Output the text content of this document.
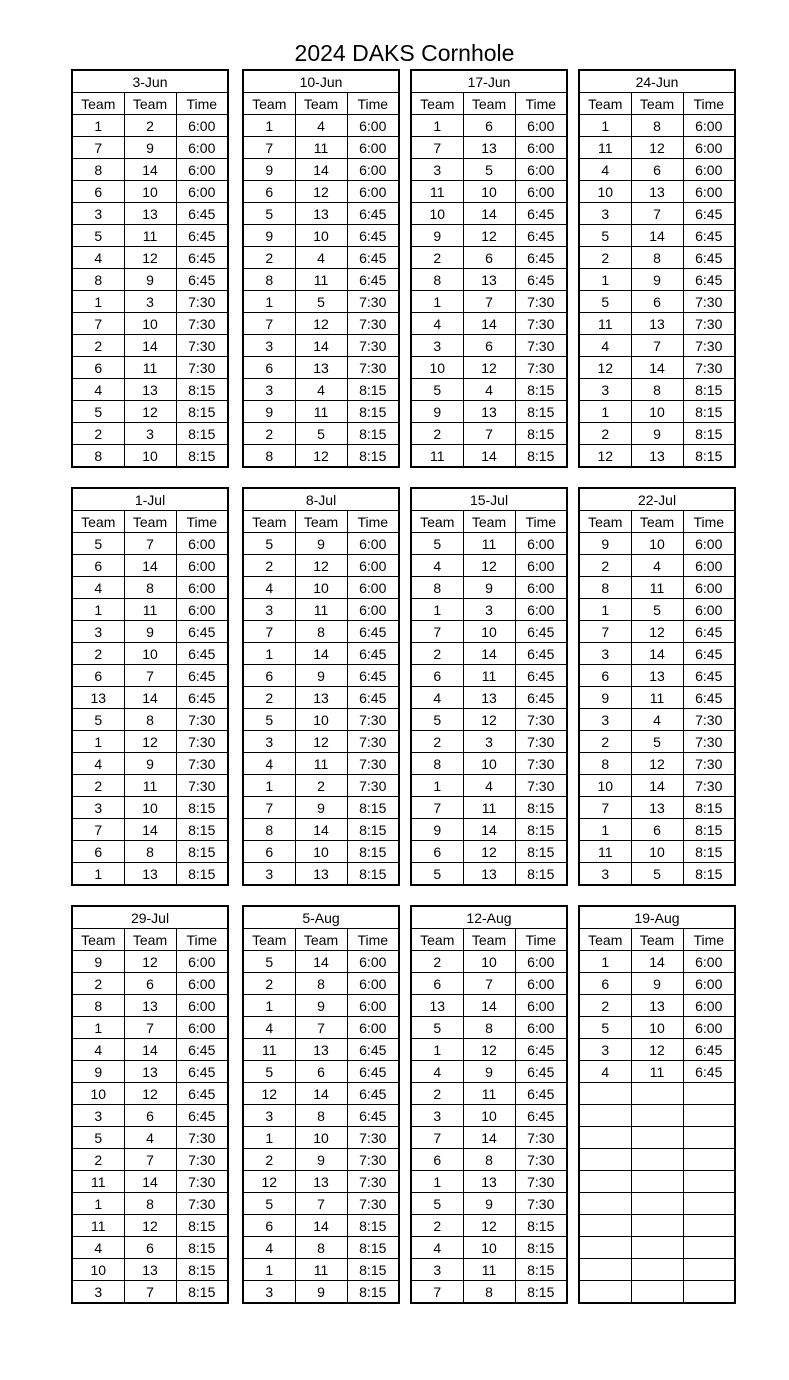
2024 DAKS Cornhole
3-Jun		
Team	Team	Time
1	2	6:00
7	9	6:00
8	14	6:00
6	10	6:00
3	13	6:45
5	11	6:45
4	12	6:45
8	9	6:45
1	3	7:30
7	10	7:30
2	14	7:30
6	11	7:30
4	13	8:15
5	12	8:15
2	3	8:15
8	10	8:15
10-Jun		
Team	Team	Time
1	4	6:00
7	11	6:00
9	14	6:00
6	12	6:00
5	13	6:45
9	10	6:45
2	4	6:45
8	11	6:45
1	5	7:30
7	12	7:30
3	14	7:30
6	13	7:30
3	4	8:15
9	11	8:15
2	5	8:15
8	12	8:15
17-Jun		
Team	Team	Time
1	6	6:00
7	13	6:00
3	5	6:00
11	10	6:00
10	14	6:45
9	12	6:45
2	6	6:45
8	13	6:45
1	7	7:30
4	14	7:30
3	6	7:30
10	12	7:30
5	4	8:15
9	13	8:15
2	7	8:15
11	14	8:15
24-Jun		
Team	Team	Time
1	8	6:00
11	12	6:00
4	6	6:00
10	13	6:00
3	7	6:45
5	14	6:45
2	8	6:45
1	9	6:45
5	6	7:30
11	13	7:30
4	7	7:30
12	14	7:30
3	8	8:15
1	10	8:15
2	9	8:15
12	13	8:15
1-Jul		
Team	Team	Time
5	7	6:00
6	14	6:00
4	8	6:00
1	11	6:00
3	9	6:45
2	10	6:45
6	7	6:45
13	14	6:45
5	8	7:30
1	12	7:30
4	9	7:30
2	11	7:30
3	10	8:15
7	14	8:15
6	8	8:15
1	13	8:15
8-Jul		
Team	Team	Time
5	9	6:00
2	12	6:00
4	10	6:00
3	11	6:00
7	8	6:45
1	14	6:45
6	9	6:45
2	13	6:45
5	10	7:30
3	12	7:30
4	11	7:30
1	2	7:30
7	9	8:15
8	14	8:15
6	10	8:15
3	13	8:15
15-Jul		
Team	Team	Time
5	11	6:00
4	12	6:00
8	9	6:00
1	3	6:00
7	10	6:45
2	14	6:45
6	11	6:45
4	13	6:45
5	12	7:30
2	3	7:30
8	10	7:30
1	4	7:30
7	11	8:15
9	14	8:15
6	12	8:15
5	13	8:15
22-Jul		
Team	Team	Time
9	10	6:00
2	4	6:00
8	11	6:00
1	5	6:00
7	12	6:45
3	14	6:45
6	13	6:45
9	11	6:45
3	4	7:30
2	5	7:30
8	12	7:30
10	14	7:30
7	13	8:15
1	6	8:15
11	10	8:15
3	5	8:15
29-Jul		
Team	Team	Time
9	12	6:00
2	6	6:00
8	13	6:00
1	7	6:00
4	14	6:45
9	13	6:45
10	12	6:45
3	6	6:45
5	4	7:30
2	7	7:30
11	14	7:30
1	8	7:30
11	12	8:15
4	6	8:15
10	13	8:15
3	7	8:15
5-Aug		
Team	Team	Time
5	14	6:00
2	8	6:00
1	9	6:00
4	7	6:00
11	13	6:45
5	6	6:45
12	14	6:45
3	8	6:45
1	10	7:30
2	9	7:30
12	13	7:30
5	7	7:30
6	14	8:15
4	8	8:15
1	11	8:15
3	9	8:15
12-Aug		
Team	Team	Time
2	10	6:00
6	7	6:00
13	14	6:00
5	8	6:00
1	12	6:45
4	9	6:45
2	11	6:45
3	10	6:45
7	14	7:30
6	8	7:30
1	13	7:30
5	9	7:30
2	12	8:15
4	10	8:15
3	11	8:15
7	8	8:15
19-Aug		
Team	Team	Time
1	14	6:00
6	9	6:00
2	13	6:00
5	10	6:00
3	12	6:45
4	11	6:45
